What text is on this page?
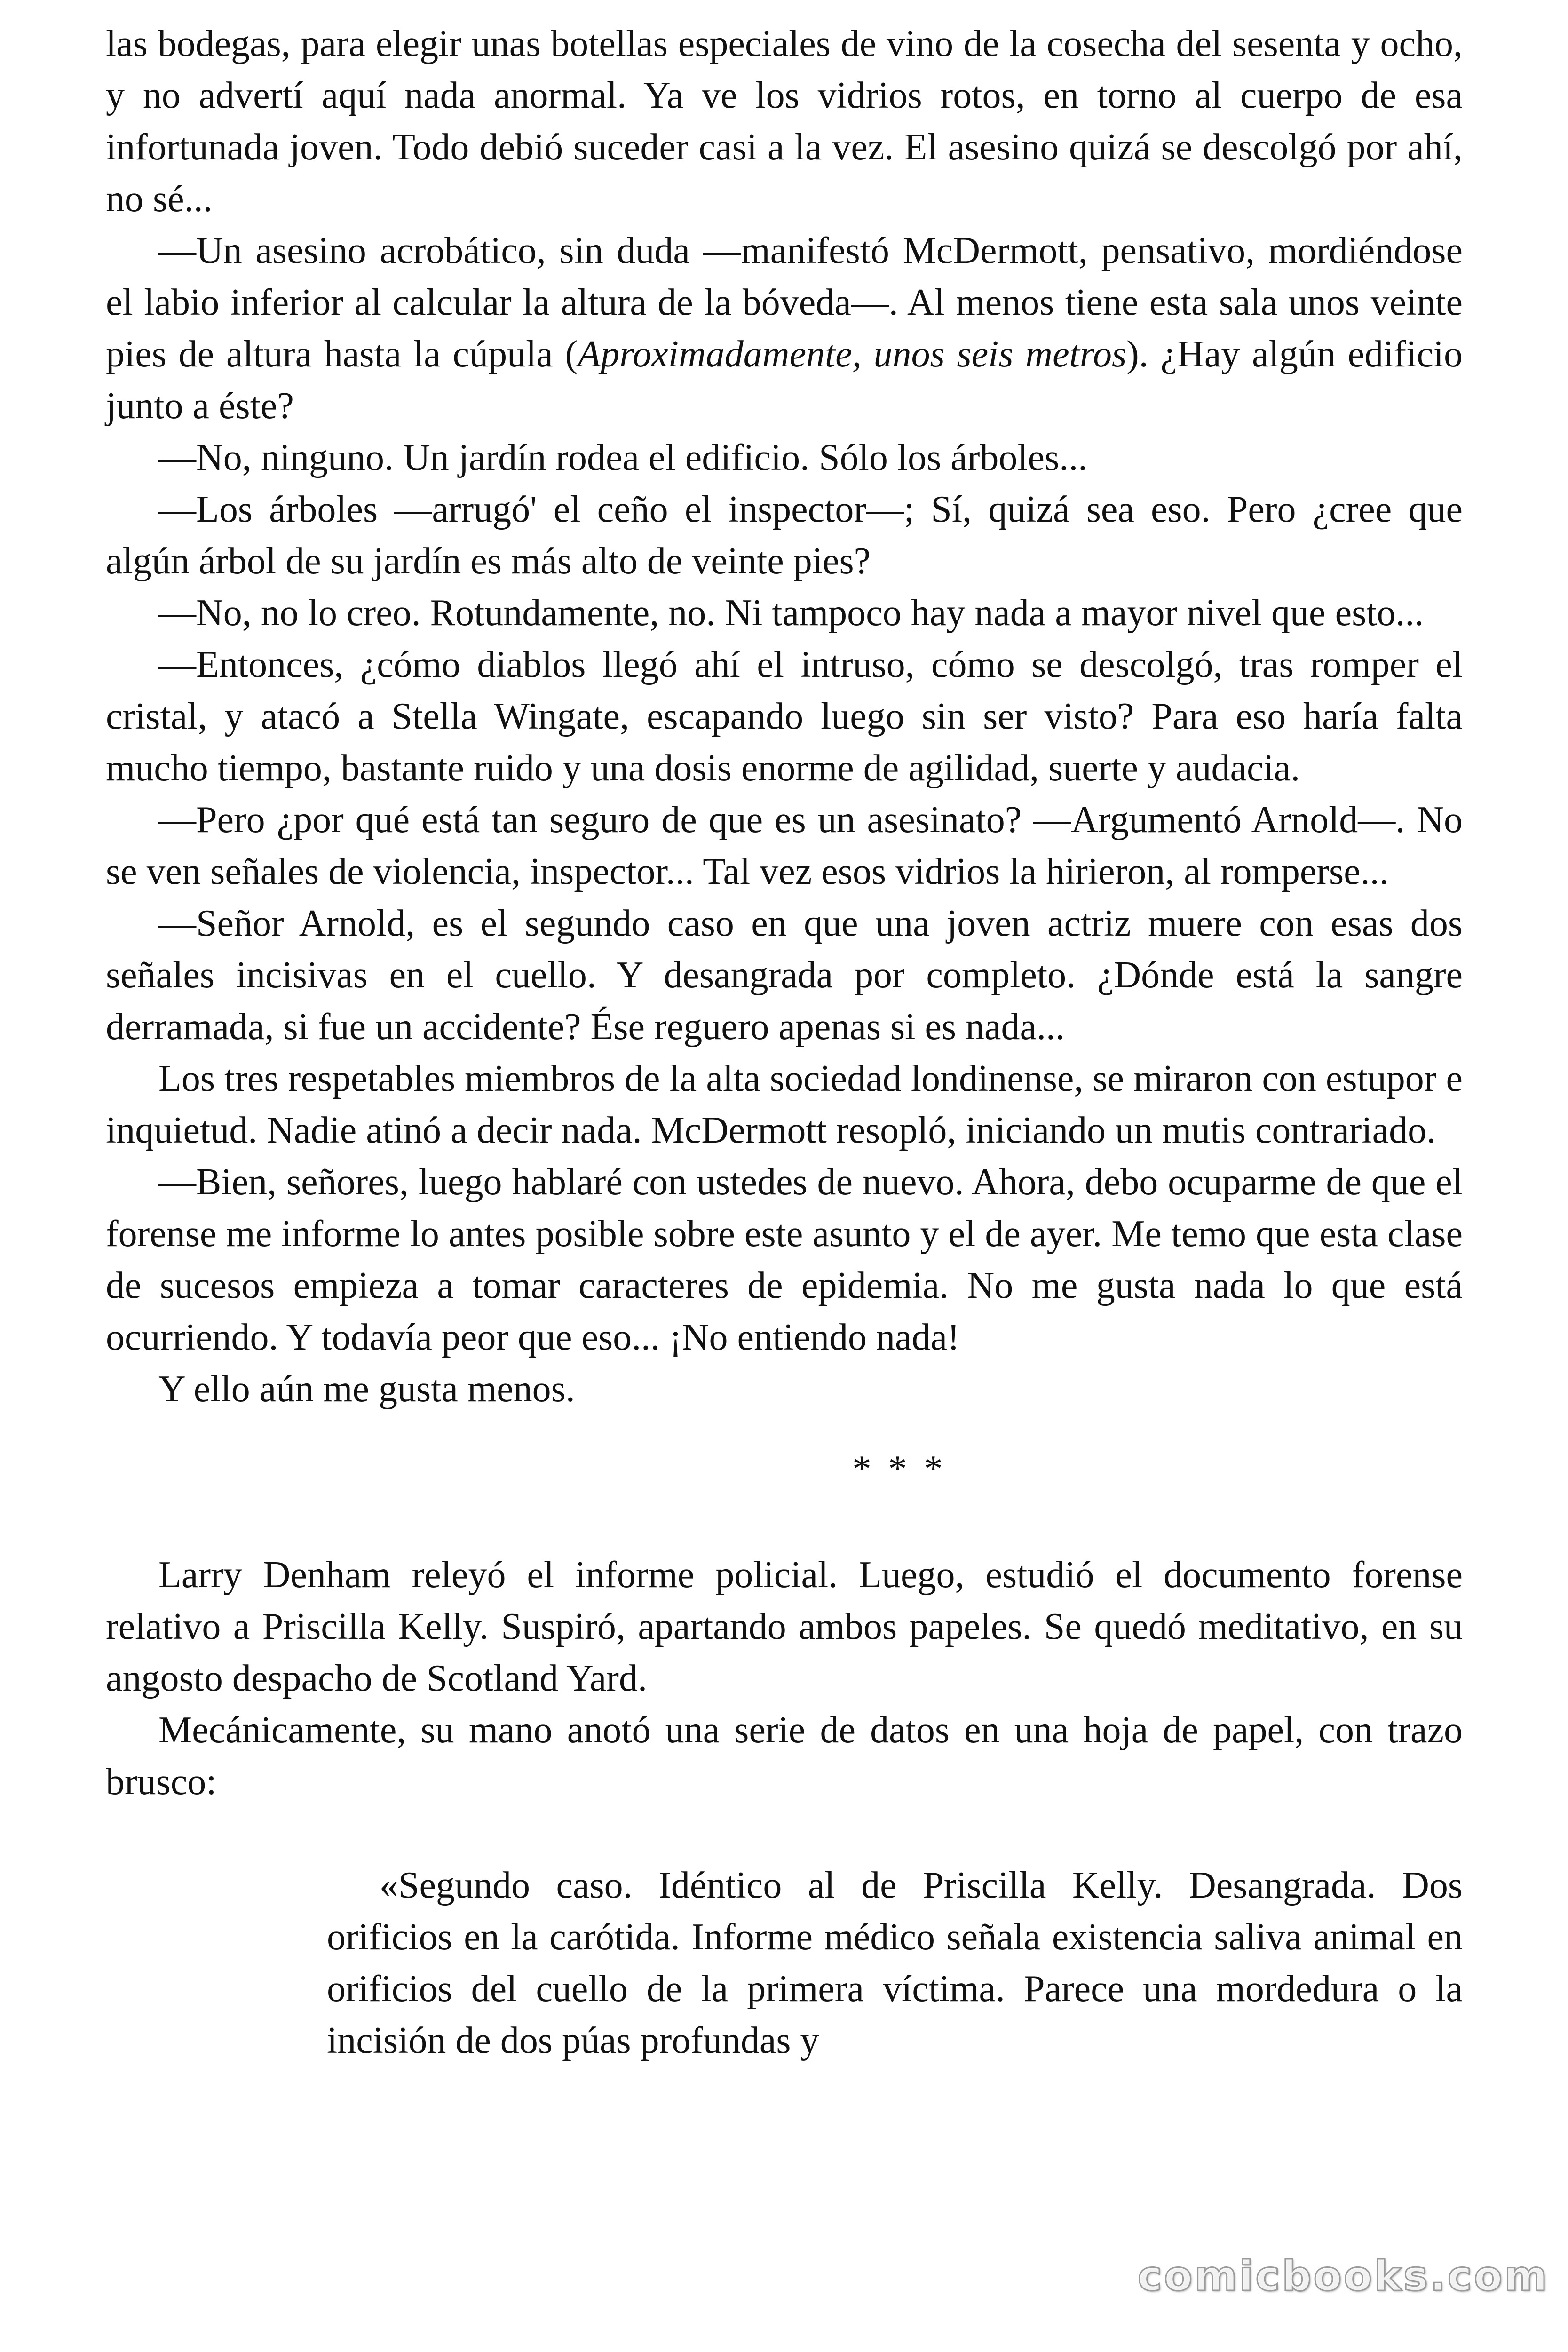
las bodegas, para elegir unas botellas especiales de vino de la cosecha del sesenta y ocho, y no advertí aquí nada anormal. Ya ve los vidrios rotos, en torno al cuerpo de esa infortunada joven. Todo debió suceder casi a la vez. El asesino quizá se descolgó por ahí, no sé...

—Un asesino acrobático, sin duda —manifestó McDermott, pensativo, mordiéndose el labio inferior al calcular la altura de la bóveda—. Al menos tiene esta sala unos veinte pies de altura hasta la cúpula (Aproximadamente, unos seis metros). ¿Hay algún edificio junto a éste?

—No, ninguno. Un jardín rodea el edificio. Sólo los árboles...

—Los árboles —arrugó' el ceño el inspector—; Sí, quizá sea eso. Pero ¿cree que algún árbol de su jardín es más alto de veinte pies?

—No, no lo creo. Rotundamente, no. Ni tampoco hay nada a mayor nivel que esto...

—Entonces, ¿cómo diablos llegó ahí el intruso, cómo se descolgó, tras romper el cristal, y atacó a Stella Wingate, escapando luego sin ser visto? Para eso haría falta mucho tiempo, bastante ruido y una dosis enorme de agilidad, suerte y audacia.

—Pero ¿por qué está tan seguro de que es un asesinato? —Argumentó Arnold—. No se ven señales de violencia, inspector... Tal vez esos vidrios la hirieron, al romperse...

—Señor Arnold, es el segundo caso en que una joven actriz muere con esas dos señales incisivas en el cuello. Y desangrada por completo. ¿Dónde está la sangre derramada, si fue un accidente? Ése reguero apenas si es nada...

Los tres respetables miembros de la alta sociedad londinense, se miraron con estupor e inquietud. Nadie atinó a decir nada. McDermott resopló, iniciando un mutis contrariado.

—Bien, señores, luego hablaré con ustedes de nuevo. Ahora, debo ocuparme de que el forense me informe lo antes posible sobre este asunto y el de ayer. Me temo que esta clase de sucesos empieza a tomar caracteres de epidemia. No me gusta nada lo que está ocurriendo. Y todavía peor que eso... ¡No entiendo nada!

Y ello aún me gusta menos.

* * *

Larry Denham releyó el informe policial. Luego, estudió el documento forense relativo a Priscilla Kelly. Suspiró, apartando ambos papeles. Se quedó meditativo, en su angosto despacho de Scotland Yard.

Mecánicamente, su mano anotó una serie de datos en una hoja de papel, con trazo brusco:

«Segundo caso. Idéntico al de Priscilla Kelly. Desangrada. Dos orificios en la carótida. Informe médico señala existencia saliva animal en orificios del cuello de la primera víctima. Parece una mordedura o la incisión de dos púas profundas y

comicbooks.com
